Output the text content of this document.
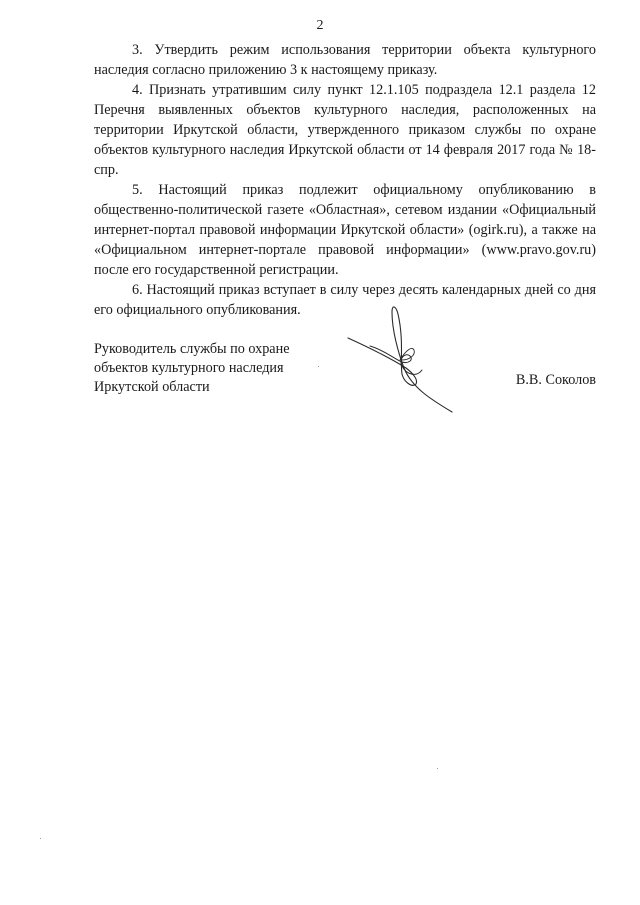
2

3. Утвердить режим использования территории объекта культурного наследия согласно приложению 3 к настоящему приказу.

4. Признать утратившим силу пункт 12.1.105 подраздела 12.1 раздела 12 Перечня выявленных объектов культурного наследия, расположенных на территории Иркутской области, утвержденного приказом службы по охране объектов культурного наследия Иркутской области от 14 февраля 2017 года № 18-спр.

5. Настоящий приказ подлежит официальному опубликованию в общественно-политической газете «Областная», сетевом издании «Официальный интернет-портал правовой информации Иркутской области» (ogirk.ru), а также на «Официальном интернет-портале правовой информации» (www.pravo.gov.ru) после его государственной регистрации.

6. Настоящий приказ вступает в силу через десять календарных дней со дня его официального опубликования.

Руководитель службы по охране
объектов культурного наследия
Иркутской области	В.В. Соколов
